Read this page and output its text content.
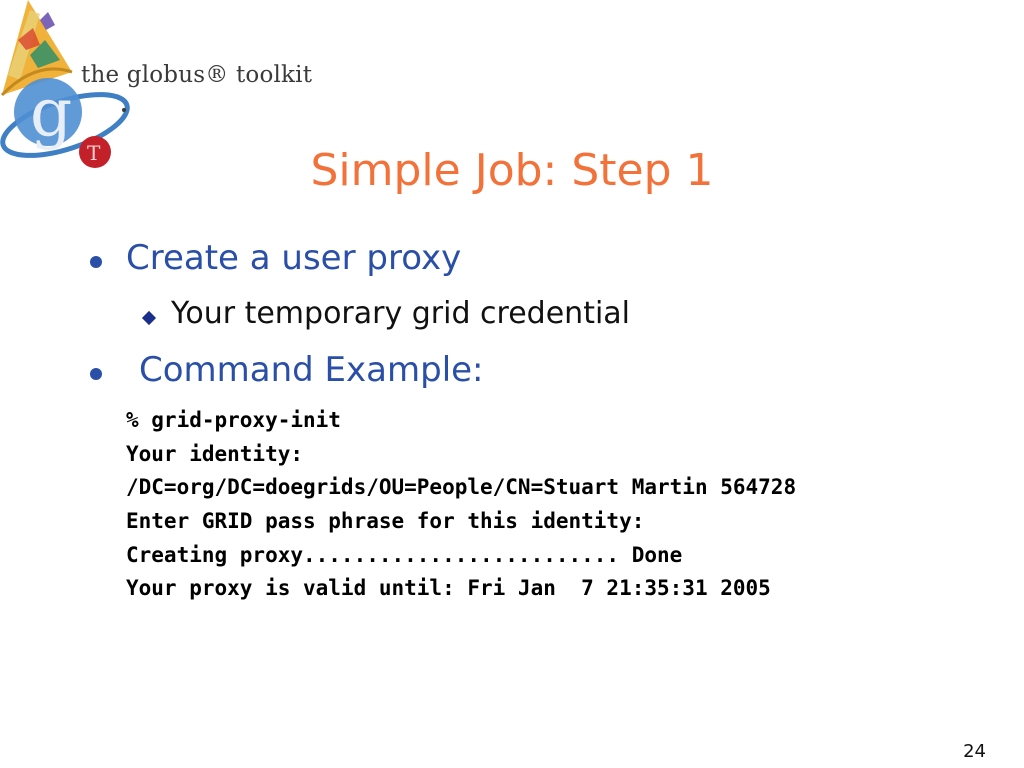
g
T
the globus® toolkit
Simple Job: Step 1
Create a user proxy
Your temporary grid credential
Command Example:
% grid-proxy-init
Your identity:
/DC=org/DC=doegrids/OU=People/CN=Stuart Martin 564728
Enter GRID pass phrase for this identity:
Creating proxy......................... Done
Your proxy is valid until: Fri Jan  7 21:35:31 2005
24
